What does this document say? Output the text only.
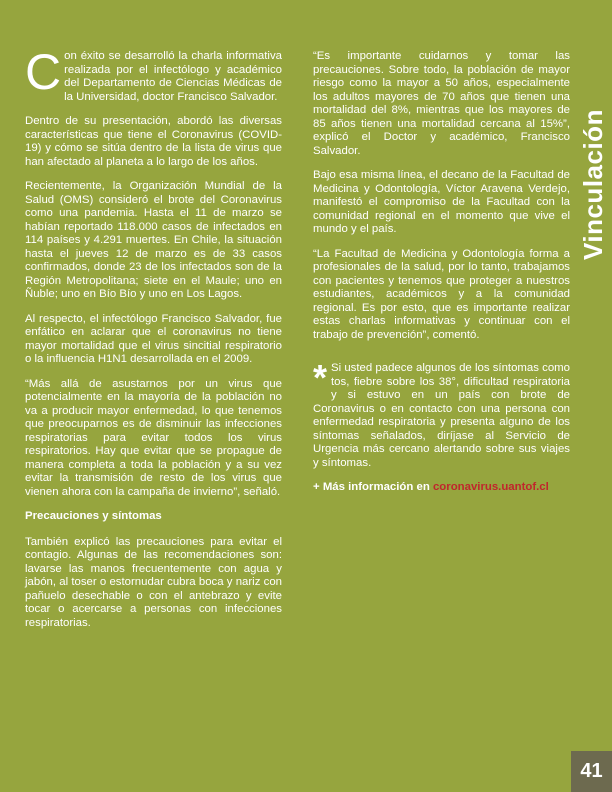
Con éxito se desarrolló la charla informativa realizada por el infectólogo y académico del Departamento de Ciencias Médicas de la Universidad, doctor Francisco Salvador.

Dentro de su presentación, abordó las diversas características que tiene el Coronavirus (COVID-19) y cómo se sitúa dentro de la lista de virus que han afectado al planeta a lo largo de los años.

Recientemente, la Organización Mundial de la Salud (OMS) consideró el brote del Coronavirus como una pandemia. Hasta el 11 de marzo se habían reportado 118.000 casos de infectados en 114 países y 4.291 muertes. En Chile, la situación hasta el jueves 12 de marzo es de 33 casos confirmados, donde 23 de los infectados son de la Región Metropolitana; siete en el Maule; uno en Ñuble; uno en Bío Bío y uno en Los Lagos.

Al respecto, el infectólogo Francisco Salvador, fue enfático en aclarar que el coronavirus no tiene mayor mortalidad que el virus sincitial respiratorio o la influencia H1N1 desarrollada en el 2009.

“Más allá de asustarnos por un virus que potencialmente en la mayoría de la población no va a producir mayor enfermedad, lo que tenemos que preocuparnos es de disminuir las infecciones respiratorias para evitar todos los virus respiratorios. Hay que evitar que se propague de manera completa a toda la población y a su vez evitar la transmisión de resto de los virus que vienen ahora con la campaña de invierno”, señaló.

Precauciones y síntomas

También explicó las precauciones para evitar el contagio. Algunas de las recomendaciones son: lavarse las manos frecuentemente con agua y jabón, al toser o estornudar cubra boca y nariz con pañuelo desechable o con el antebrazo y evite tocar o acercarse a personas con infecciones respiratorias.

“Es importante cuidarnos y tomar las precauciones. Sobre todo, la población de mayor riesgo como la mayor a 50 años, especialmente los adultos mayores de 70 años que tienen una mortalidad del 8%, mientras que los mayores de 85 años tienen una mortalidad cercana al 15%”, explicó el Doctor y académico, Francisco Salvador.

Bajo esa misma línea, el decano de la Facultad de Medicina y Odontología, Víctor Aravena Verdejo, manifestó el compromiso de la Facultad con la comunidad regional en el momento que vive el mundo y el país.

“La Facultad de Medicina y Odontología forma a profesionales de la salud, por lo tanto, trabajamos con pacientes y tenemos que proteger a nuestros estudiantes, académicos y a la comunidad regional. Es por esto, que es importante realizar estas charlas informativas y continuar con el trabajo de prevención”, comentó.

* Si usted padece algunos de los síntomas como tos, fiebre sobre los 38°, dificultad respiratoria y si estuvo en un país con brote de Coronavirus o en contacto con una persona con enfermedad respiratoria y presenta alguno de los síntomas señalados, diríjase al Servicio de Urgencia más cercano alertando sobre sus viajes y síntomas.

+ Más información en coronavirus.uantof.cl

Vinculación
41
